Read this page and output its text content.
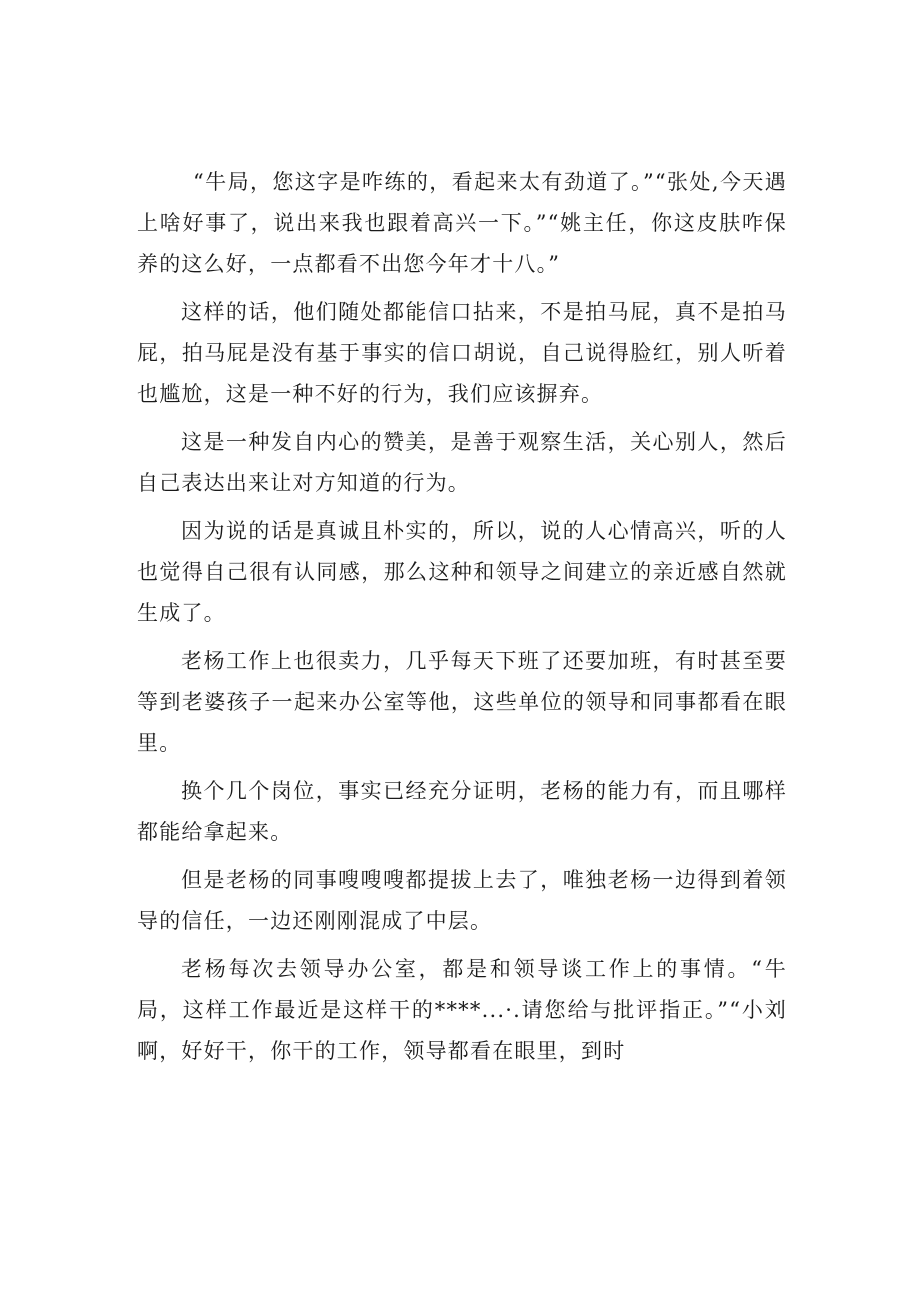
“牛局，您这字是咋练的，看起来太有劲道了。”“张处,今天遇上啥好事了，说出来我也跟着高兴一下。”“姚主任，你这皮肤咋保养的这么好，一点都看不出您今年才十八。”

这样的话，他们随处都能信口拈来，不是拍马屁，真不是拍马屁，拍马屁是没有基于事实的信口胡说，自己说得脸红，别人听着也尴尬，这是一种不好的行为，我们应该摒弃。

这是一种发自内心的赞美，是善于观察生活，关心别人，然后自己表达出来让对方知道的行为。

因为说的话是真诚且朴实的，所以，说的人心情高兴，听的人也觉得自己很有认同感，那么这种和领导之间建立的亲近感自然就生成了。

老杨工作上也很卖力，几乎每天下班了还要加班，有时甚至要等到老婆孩子一起来办公室等他，这些单位的领导和同事都看在眼里。

换个几个岗位，事实已经充分证明，老杨的能力有，而且哪样都能给拿起来。

但是老杨的同事嗖嗖嗖都提拔上去了，唯独老杨一边得到着领导的信任，一边还刚刚混成了中层。

老杨每次去领导办公室，都是和领导谈工作上的事情。“牛局，这样工作最近是这样干的****...·.请您给与批评指正。”“小刘啊，好好干，你干的工作，领导都看在眼里，到时
